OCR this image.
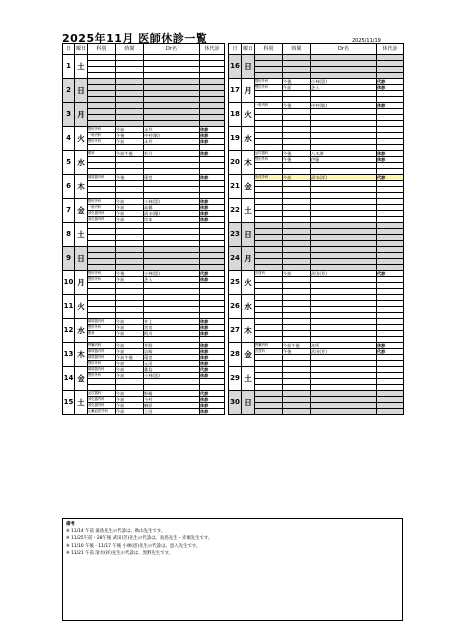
2025年11月 医師休診一覧	2025/11/19
日	曜日	科別	時間	Dr名	休代診
1	土				

2	日				

3	月				

4	火	整形外科	午前	永井	休診
		一般内科	午後	中村(敏)	休診
		整形外科	午前	永井	休診

5	水	眼科	午前午後	若月	休診

6	木	循環器内科	午後	蓮堂	休診

7	金	整形外科	午前	小林(恩)	休診
		一般内科	午前	高橋	休診
		消化器内科	午前	清水(優)	休診
		消化器内科	午前	岸本	休診
8	土				

9	日				

10	月	整形外科	午後	小林(恩)	代診
		整形外科	午前	芝入	休診

11	火				

12	水	循環器内科	午前	井上	休診
		整形外科	午前	宮宮	休診
		眼科	午前	阿川	休診

13	木	腎臓内科	午前	井野	休診
		循環器内科	午前	岩崎	休診
		循環器内科	午前午後	蓮堂	休診
		整形外科	午前	元田	休診
14	金	循環器内科	午前	桑島	代診
		整形外科	午前	小林(恩)	休診

15	土	泌尿器科	午前	野嶋	代診
		消化器内科	午前	今村	休診
		消化器内科	午前	楢原	休診
		心臓血管外科	午前	上田	休診
日	曜日	科別	時間	Dr名	休代診
16	日				

17	月	整形外科	午後	小林(恩)	代診
		整形外科	午前	芝入	休診

18	火	一般内科	午後	中村(敏)	休診

19	水				

20	木	泌尿器科	午後	八木澤	休診
		整形外科	午後	伊藤	休診

21	金	形成外科	午前	清水(祥)	代診

22	土				

23	日				

24	月				

25	火	皮膚科	午前	武田(芳)	代診

26	水				

27	木				

28	金	腎臓内科	午前午後	木所	休診
		皮膚科	午後	武田(芳)	代診

29	土				

30	日				

備考
※ 11/14 午前 桑島先生の代診は、秋山先生です。
※ 11/25午前・28午後 武田(芳)先生の代診は、島島先生・赤堀先生です。
※ 11/10 午後・11/17 午後 小林(恩)先生の代診は、恵入先生です。
※ 11/21 午前 清水(祥)先生の代診は、黒野先生です。
